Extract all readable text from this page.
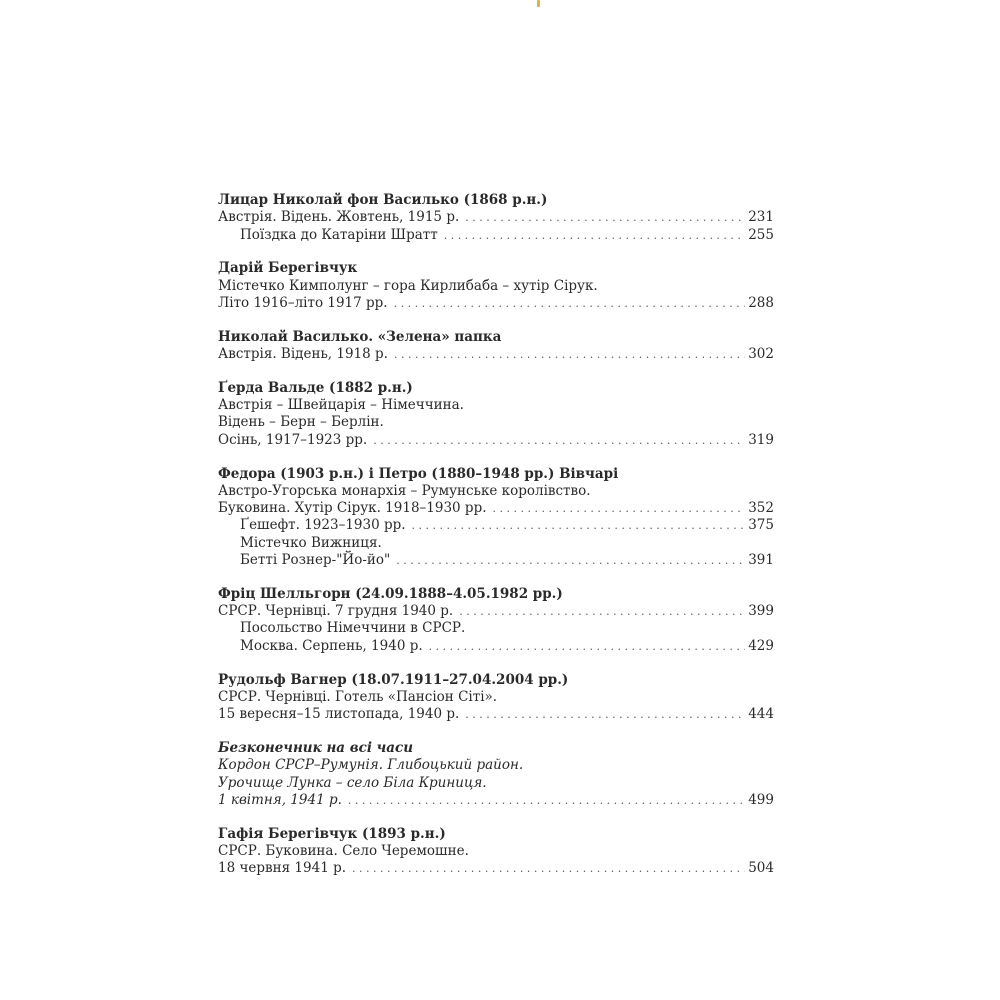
Лицар Николай фон Василько (1868 р.н.)
Австрія. Відень. Жовтень, 1915 р. . . .	231
Поїздка до Катаріни Шратт . . .	255
Дарій Берегівчук
Містечко Кимполунг – гора Кирлибаба – хутір Сірук.
Літо 1916–літо 1917 рр. . . .	288
Николай Василько. «Зелена» папка
Австрія. Відень, 1918 р. . . .	302
Ґерда Вальде (1882 р.н.)
Австрія – Швейцарія – Німеччина.
Відень – Берн – Берлін.
Осінь, 1917–1923 рр. . . .	319
Федора (1903 р.н.) і Петро (1880–1948 рр.) Вівчарі
Австро-Угорська монархія – Румунське королівство.
Буковина. Хутір Сірук. 1918–1930 рр. . . .	352
Ґешефт. 1923–1930 рр. . . .	375
Містечко Вижниця.
Бетті Рознер-"Йо-йо" . . .	391
Фріц Шелльгорн (24.09.1888–4.05.1982 рр.)
СРСР. Чернівці. 7 грудня 1940 р. . . .	399
Посольство Німеччини в СРСР.
Москва. Серпень, 1940 р. . . .	429
Рудольф Вагнер (18.07.1911–27.04.2004 рр.)
СРСР. Чернівці. Готель «Пансіон Сіті».
15 вересня–15 листопада, 1940 р. . . .	444
Безконечник на всі часи
Кордон СРСР–Румунія. Глибоцький район.
Урочище Лунка – село Біла Криниця.
1 квітня, 1941 р. . . .	499
Гафія Берегівчук (1893 р.н.)
СРСР. Буковина. Село Черемошне.
18 червня 1941 р. . . .	504
